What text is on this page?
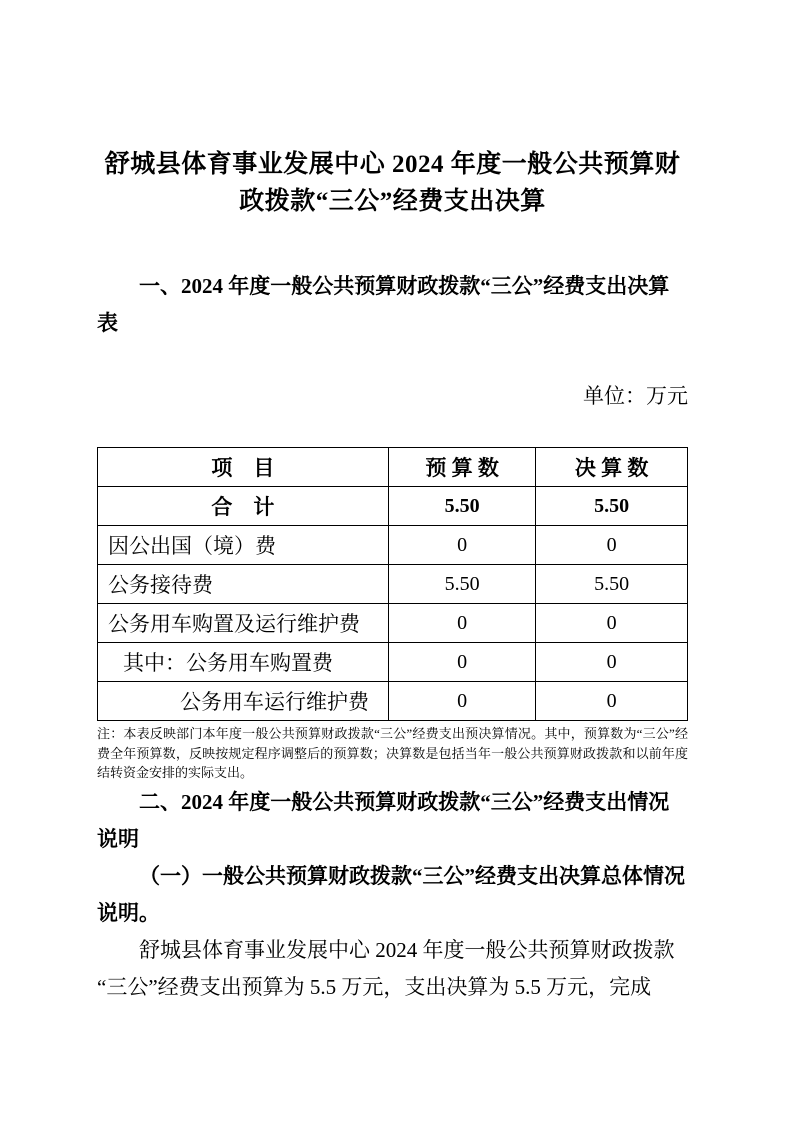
舒城县体育事业发展中心 2024 年度一般公共预算财政拨款“三公”经费支出决算
一、2024 年度一般公共预算财政拨款“三公”经费支出决算表
单位：万元
项　目	预 算 数	决 算 数
合　计	5.50	5.50
因公出国（境）费	0	0
公务接待费	5.50	5.50
公务用车购置及运行维护费	0	0
其中：公务用车购置费	0	0
公务用车运行维护费	0	0
注：本表反映部门本年度一般公共预算财政拨款“三公”经费支出预决算情况。其中，预算数为“三公”经费全年预算数，反映按规定程序调整后的预算数；决算数是包括当年一般公共预算财政拨款和以前年度结转资金安排的实际支出。
二、2024 年度一般公共预算财政拨款“三公”经费支出情况说明
（一）一般公共预算财政拨款“三公”经费支出决算总体情况说明。
舒城县体育事业发展中心 2024 年度一般公共预算财政拨款“三公”经费支出预算为 5.5 万元，支出决算为 5.5 万元，完成
